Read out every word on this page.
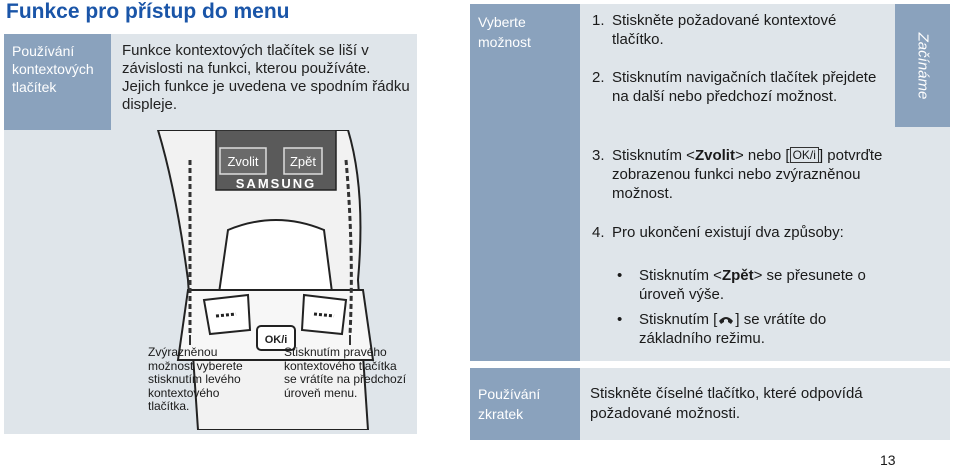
Funkce pro přístup do menu
Používání kontextových tlačítek
Funkce kontextových tlačítek se liší v závislosti na funkci, kterou používáte. Jejich funkce je uvedena ve spodním řádku displeje.
Zvolit Zpět
SAMSUNG
OK/i
Zvýrazněnou možnost vyberete stisknutím levého kontextového tlačítka.
Stisknutím pravého kontextového tlačítka se vrátíte na předchozí úroveň menu.
Vyberte možnost	Začínáme
1. Stiskněte požadované kontextové tlačítko.
2. Stisknutím navigačních tlačítek přejdete na další nebo předchozí možnost.
3. Stisknutím <Zvolit> nebo [ OK/i ] potvrďte zobrazenou funkci nebo zvýrazněnou možnost.
4. Pro ukončení existují dva způsoby:
•	Stisknutím <Zpět> se přesunete o úroveň výše.
•	Stisknutím [ ] se vrátíte do základního režimu.
Používání zkratek
Stiskněte číselné tlačítko, které odpovídá požadované možnosti.
13
